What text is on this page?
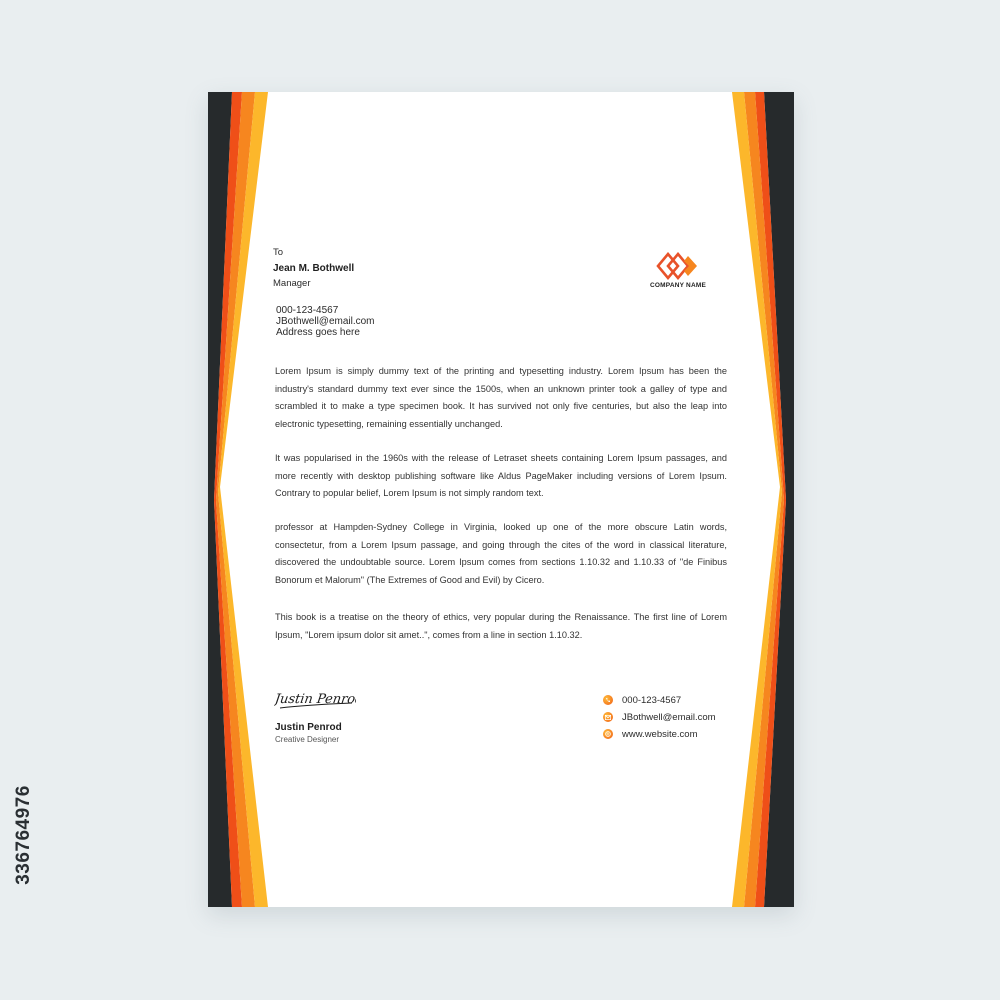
336764976
To
Jean M. Bothwell
Manager
000-123-4567
JBothwell@email.com
Address goes here
COMPANY NAME

Lorem Ipsum is simply dummy text of the printing and typesetting industry. Lorem Ipsum has been the industry's standard dummy text ever since the 1500s, when an unknown printer took a galley of type and scrambled it to make a type specimen book. It has survived not only five centuries, but also the leap into electronic typesetting, remaining essentially unchanged.

It was popularised in the 1960s with the release of Letraset sheets containing Lorem Ipsum passages, and more recently with desktop publishing software like Aldus PageMaker including versions of Lorem Ipsum. Contrary to popular belief, Lorem Ipsum is not simply random text.

professor at Hampden-Sydney College in Virginia, looked up one of the more obscure Latin words, consectetur, from a Lorem Ipsum passage, and going through the cites of the word in classical literature, discovered the undoubtable source. Lorem Ipsum comes from sections 1.10.32 and 1.10.33 of "de Finibus Bonorum et Malorum" (The Extremes of Good and Evil) by Cicero.

This book is a treatise on the theory of ethics, very popular during the Renaissance. The first line of Lorem Ipsum, "Lorem ipsum dolor sit amet..", comes from a line in section 1.10.32.

Justin Penrod
Justin Penrod
Creative Designer
000-123-4567
JBothwell@email.com
www.website.com
